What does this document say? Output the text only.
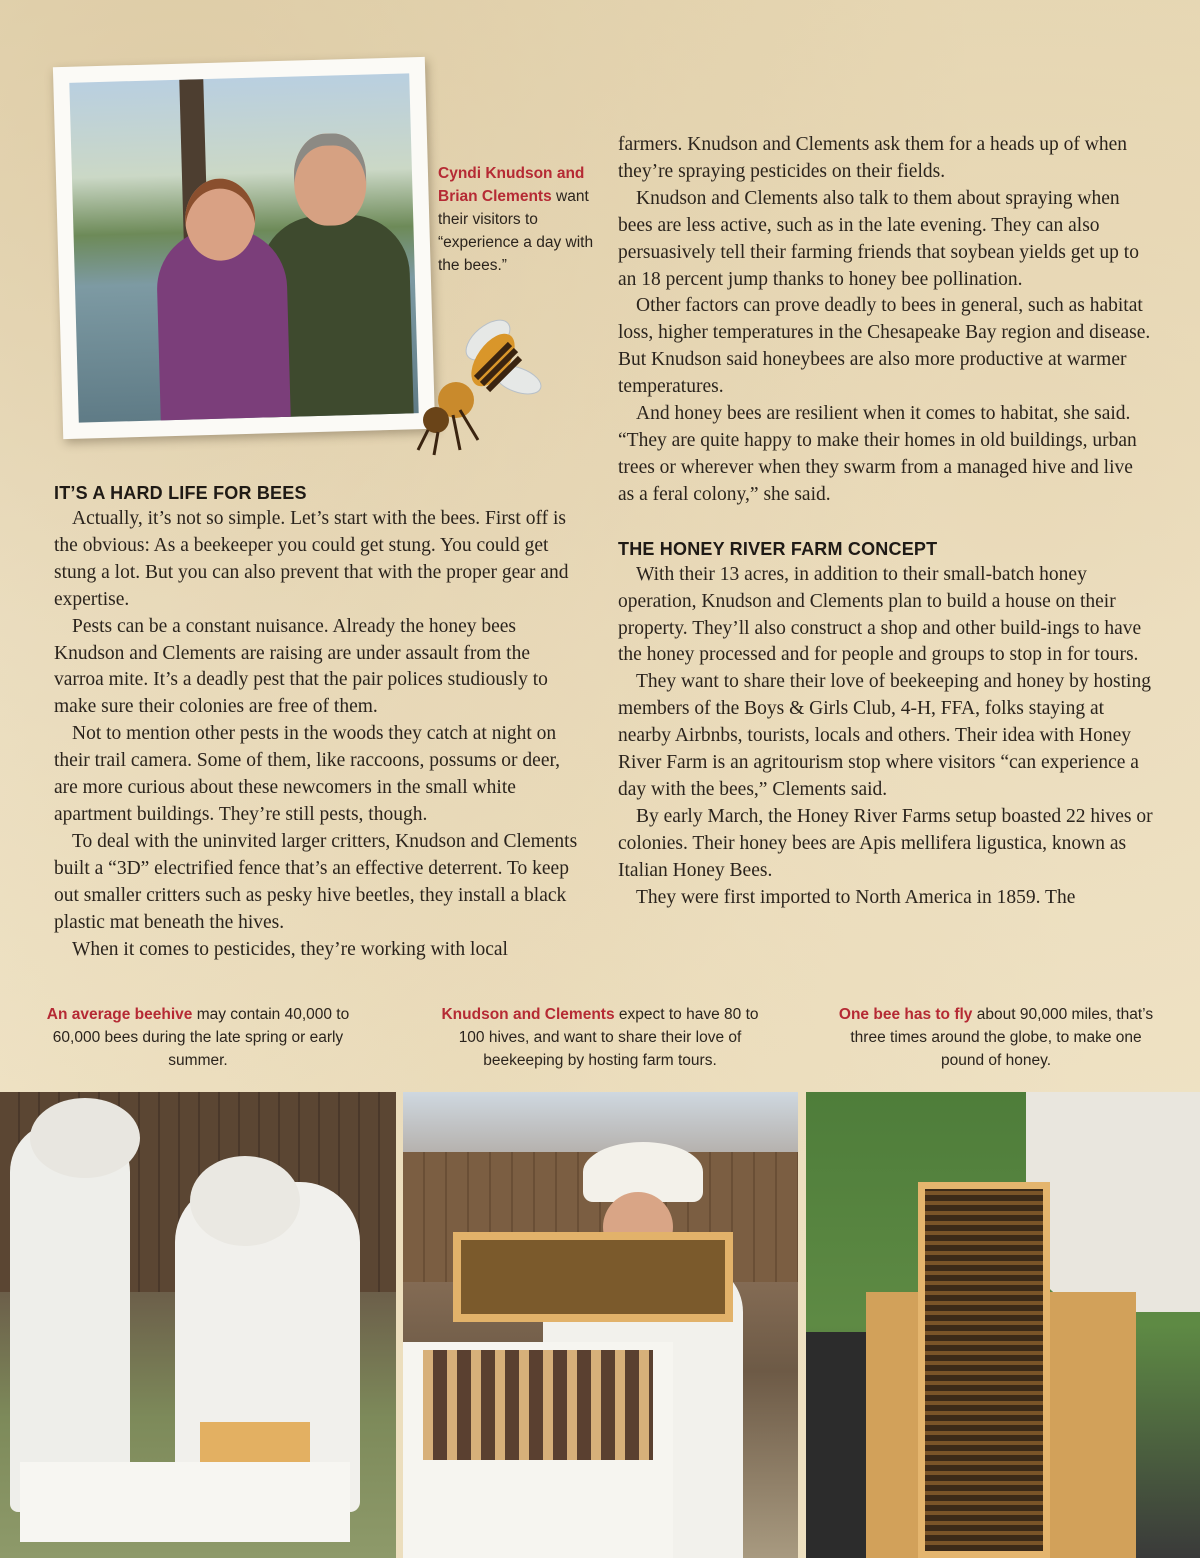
Cyndi Knudson and Brian Clements want their visitors to “experience a day with the bees.”
IT’S A HARD LIFE FOR BEES

Actually, it’s not so simple. Let’s start with the bees. First off is the obvious: As a beekeeper you could get stung. You could get stung a lot. But you can also prevent that with the proper gear and expertise.

Pests can be a constant nuisance. Already the honey bees Knudson and Clements are raising are under assault from the varroa mite. It’s a deadly pest that the pair polices studiously to make sure their colonies are free of them.

Not to mention other pests in the woods they catch at night on their trail camera. Some of them, like raccoons, possums or deer, are more curious about these newcomers in the small white apartment buildings. They’re still pests, though.

To deal with the uninvited larger critters, Knudson and Clements built a “3D” electrified fence that’s an effective deterrent. To keep out smaller critters such as pesky hive beetles, they install a black plastic mat beneath the hives.

When it comes to pesticides, they’re working with local

farmers. Knudson and Clements ask them for a heads up of when they’re spraying pesticides on their fields.

Knudson and Clements also talk to them about spraying when bees are less active, such as in the late evening. They can also persuasively tell their farming friends that soybean yields get up to an 18 percent jump thanks to honey bee pollination.

Other factors can prove deadly to bees in general, such as habitat loss, higher temperatures in the Chesapeake Bay region and disease. But Knudson said honeybees are also more productive at warmer temperatures.

And honey bees are resilient when it comes to habitat, she said. “They are quite happy to make their homes in old buildings, urban trees or wherever when they swarm from a managed hive and live as a feral colony,” she said.

THE HONEY RIVER FARM CONCEPT

With their 13 acres, in addition to their small-batch honey operation, Knudson and Clements plan to build a house on their property. They’ll also construct a shop and other build-ings to have the honey processed and for people and groups to stop in for tours.

They want to share their love of beekeeping and honey by hosting members of the Boys & Girls Club, 4-H, FFA, folks staying at nearby Airbnbs, tourists, locals and others. Their idea with Honey River Farm is an agritourism stop where visitors “can experience a day with the bees,” Clements said.

By early March, the Honey River Farms setup boasted 22 hives or colonies. Their honey bees are Apis mellifera ligustica, known as Italian Honey Bees.

They were first imported to North America in 1859. The

An average beehive may contain 40,000 to 60,000 bees during the late spring or early summer.
Knudson and Clements expect to have 80 to 100 hives, and want to share their love of beekeeping by hosting farm tours.
One bee has to fly about 90,000 miles, that’s three times around the globe, to make one pound of honey.
